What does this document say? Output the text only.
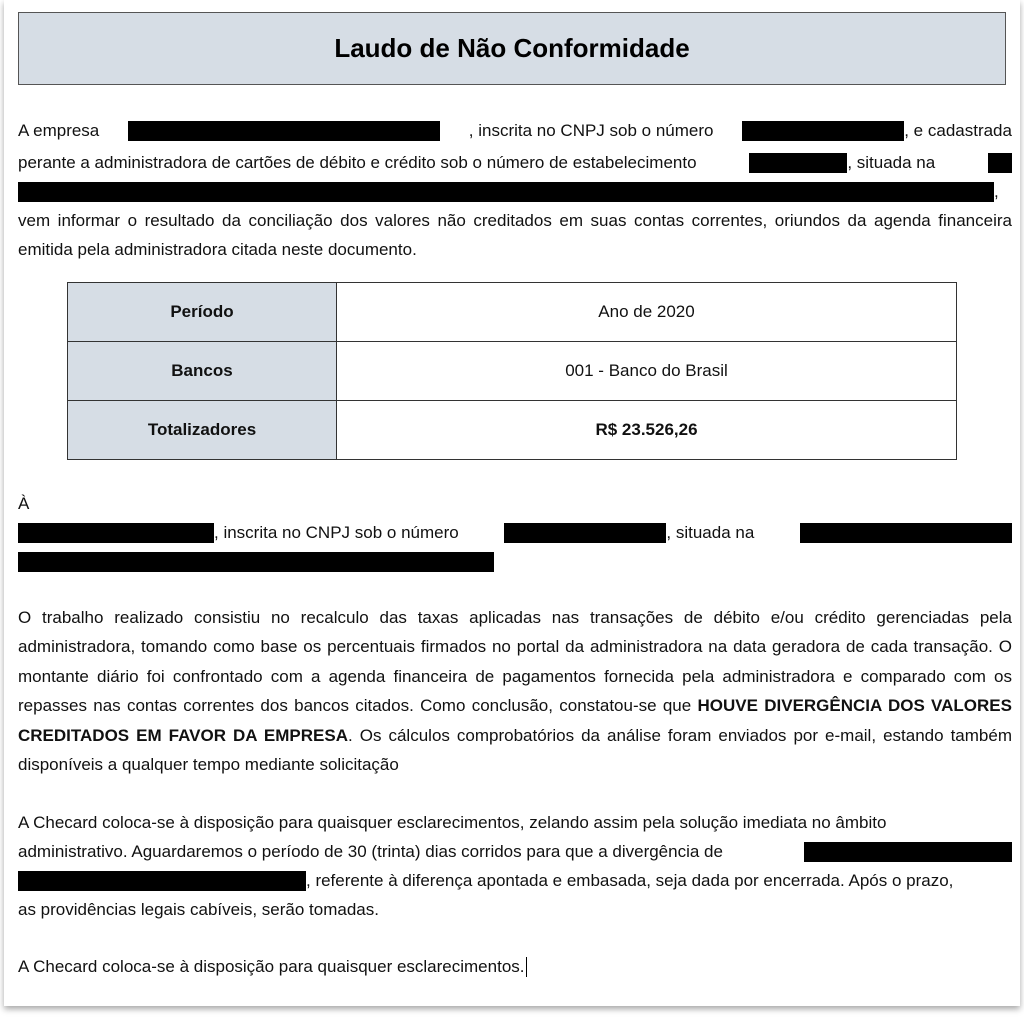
Laudo de Não Conformidade
A empresa	, inscrita no CNPJ sob o número	, e cadastrada
perante a administradora de cartões de débito e crédito sob o número de estabelecimento	, situada na
,

vem informar o resultado da conciliação dos valores não creditados em suas contas correntes, oriundos da agenda financeira emitida pela administradora citada neste documento.

Período	Ano de 2020
Bancos	001 - Banco do Brasil
Totalizadores	R$ 23.526,26
À
, inscrita no CNPJ sob o número	, situada na

O trabalho realizado consistiu no recalculo das taxas aplicadas nas transações de débito e/ou crédito gerenciadas pela administradora, tomando como base os percentuais firmados no portal da administradora na data geradora de cada transação. O montante diário foi confrontado com a agenda financeira de pagamentos fornecida pela administradora e comparado com os repasses nas contas correntes dos bancos citados. Como conclusão, constatou-se que HOUVE DIVERGÊNCIA DOS VALORES CREDITADOS EM FAVOR DA EMPRESA. Os cálculos comprobatórios da análise foram enviados por e-mail, estando também disponíveis a qualquer tempo mediante solicitação

A Checard coloca-se à disposição para quaisquer esclarecimentos, zelando assim pela solução imediata no âmbito
administrativo. Aguardaremos o período de 30 (trinta) dias corridos para que a divergência de
, referente à diferença apontada e embasada, seja dada por encerrada. Após o prazo,
as providências legais cabíveis, serão tomadas.
A Checard coloca-se à disposição para quaisquer esclarecimentos.
